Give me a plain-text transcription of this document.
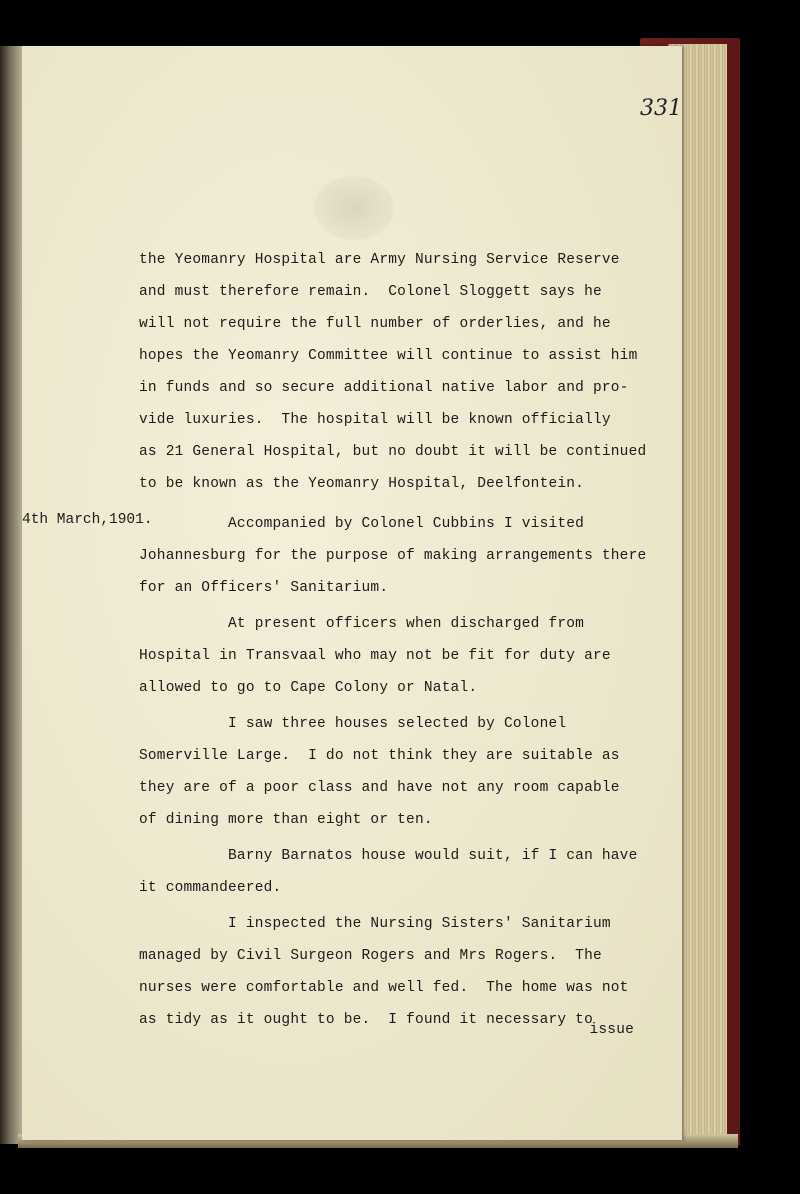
331
the Yeomanry Hospital are Army Nursing Service Reserve
and must therefore remain.  Colonel Sloggett says he
will not require the full number of orderlies, and he
hopes the Yeomanry Committee will continue to assist him
in funds and so secure additional native labor and pro-
vide luxuries.  The hospital will be known officially
as 21 General Hospital, but no doubt it will be continued
to be known as the Yeomanry Hospital, Deelfontein.
Accompanied by Colonel Cubbins I visited
Johannesburg for the purpose of making arrangements there
for an Officers' Sanitarium.
At present officers when discharged from
Hospital in Transvaal who may not be fit for duty are
allowed to go to Cape Colony or Natal.
I saw three houses selected by Colonel
Somerville Large.  I do not think they are suitable as
they are of a poor class and have not any room capable
of dining more than eight or ten.
Barny Barnatos house would suit, if I can have
it commandeered.
I inspected the Nursing Sisters' Sanitarium
managed by Civil Surgeon Rogers and Mrs Rogers.  The
nurses were comfortable and well fed.  The home was not
as tidy as it ought to be.  I found it necessary to
issue
4th March,1901.
